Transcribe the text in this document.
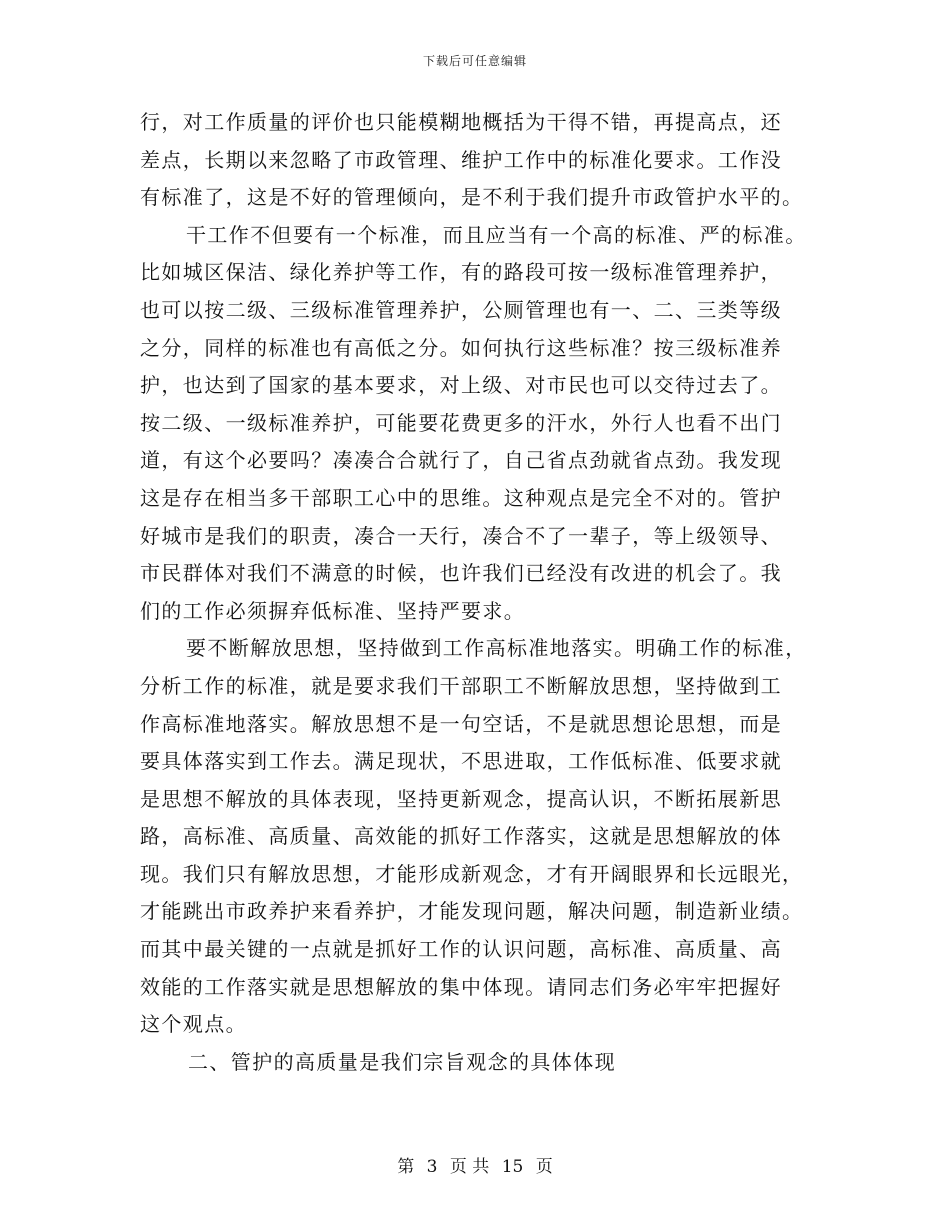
下载后可任意编辑
行，对工作质量的评价也只能模糊地概括为干得不错，再提高点，还
差点，长期以来忽略了市政管理、维护工作中的标准化要求。工作没
有标准了，这是不好的管理倾向，是不利于我们提升市政管护水平的。
干工作不但要有一个标准，而且应当有一个高的标准、严的标准。
比如城区保洁、绿化养护等工作，有的路段可按一级标准管理养护，
也可以按二级、三级标准管理养护，公厕管理也有一、二、三类等级
之分，同样的标准也有高低之分。如何执行这些标准？按三级标准养
护，也达到了国家的基本要求，对上级、对市民也可以交待过去了。
按二级、一级标准养护，可能要花费更多的汗水，外行人也看不出门
道，有这个必要吗？凑凑合合就行了，自己省点劲就省点劲。我发现
这是存在相当多干部职工心中的思维。这种观点是完全不对的。管护
好城市是我们的职责，凑合一天行，凑合不了一辈子，等上级领导、
市民群体对我们不满意的时候，也许我们已经没有改进的机会了。我
们的工作必须摒弃低标准、坚持严要求。
要不断解放思想，坚持做到工作高标准地落实。明确工作的标准，
分析工作的标准，就是要求我们干部职工不断解放思想，坚持做到工
作高标准地落实。解放思想不是一句空话，不是就思想论思想，而是
要具体落实到工作去。满足现状，不思进取，工作低标准、低要求就
是思想不解放的具体表现，坚持更新观念，提高认识，不断拓展新思
路，高标准、高质量、高效能的抓好工作落实，这就是思想解放的体
现。我们只有解放思想，才能形成新观念，才有开阔眼界和长远眼光，
才能跳出市政养护来看养护，才能发现问题，解决问题，制造新业绩。
而其中最关键的一点就是抓好工作的认识问题，高标准、高质量、高
效能的工作落实就是思想解放的集中体现。请同志们务必牢牢把握好
这个观点。
二、管护的高质量是我们宗旨观念的具体体现
第 3 页 共 15 页
